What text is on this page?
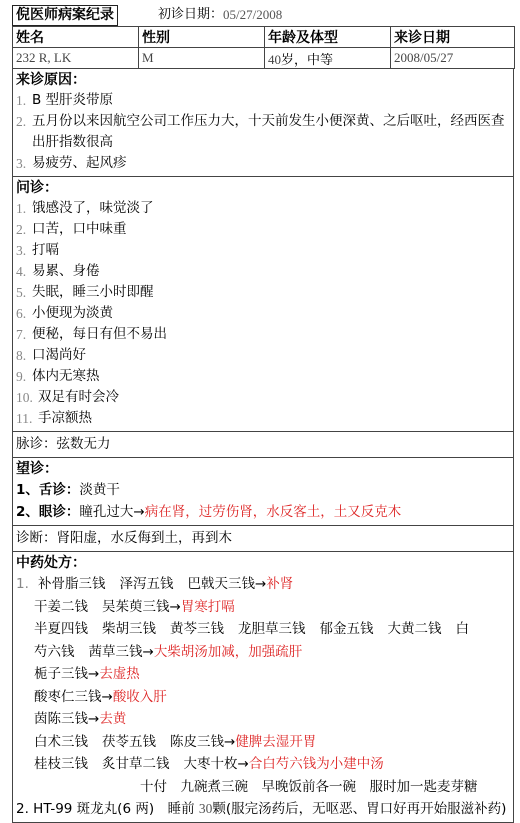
倪医师病案纪录	初诊日期： 05/27/2008
姓名	性别	年龄及体型	来诊日期
232 R, LK	M	40岁，中等	2008/05/27
来诊原因：
1. B 型肝炎带原
2. 五月份以来因航空公司工作压力大，十天前发生小便深黄、之后呕吐，经西医查出肝指数很高
3. 易疲劳、起风疹
问诊：
1. 饿感没了，味觉淡了
2. 口苦，口中味重
3. 打嗝
4. 易累、身倦
5. 失眠，睡三小时即醒
6. 小便现为淡黄
7. 便秘，每日有但不易出
8. 口渴尚好
9. 体内无寒热
10. 双足有时会冷
11. 手凉额热
脉诊：弦数无力
望诊：
1、舌诊：淡黄干
2、眼诊：瞳孔过大→病在肾，过劳伤肾，水反客土，土又反克木
诊断：肾阳虚，水反侮到土，再到木
中药处方：
1. 补骨脂三钱 泽泻五钱 巴戟天三钱 → 补肾
干姜二钱 吴茱萸三钱 → 胃寒打嗝
半夏四钱 柴胡三钱 黄芩三钱 龙胆草三钱 郁金五钱 大黄二钱 白
芍六钱 茜草三钱 → 大柴胡汤加减，加强疏肝
栀子三钱 → 去虚热
酸枣仁三钱 → 酸收入肝
茵陈三钱 → 去黄
白术三钱 茯苓五钱 陈皮三钱 → 健脾去湿开胃
桂枝三钱 炙甘草二钱 大枣十枚 → 合白芍六钱为小建中汤
十付　九碗煮三碗　早晚饭前各一碗　服时加一匙麦芽糖
2. HT-99 斑龙丸(6 两)　睡前 30颗(服完汤药后，无呕恶、胃口好再开始服滋补药)
